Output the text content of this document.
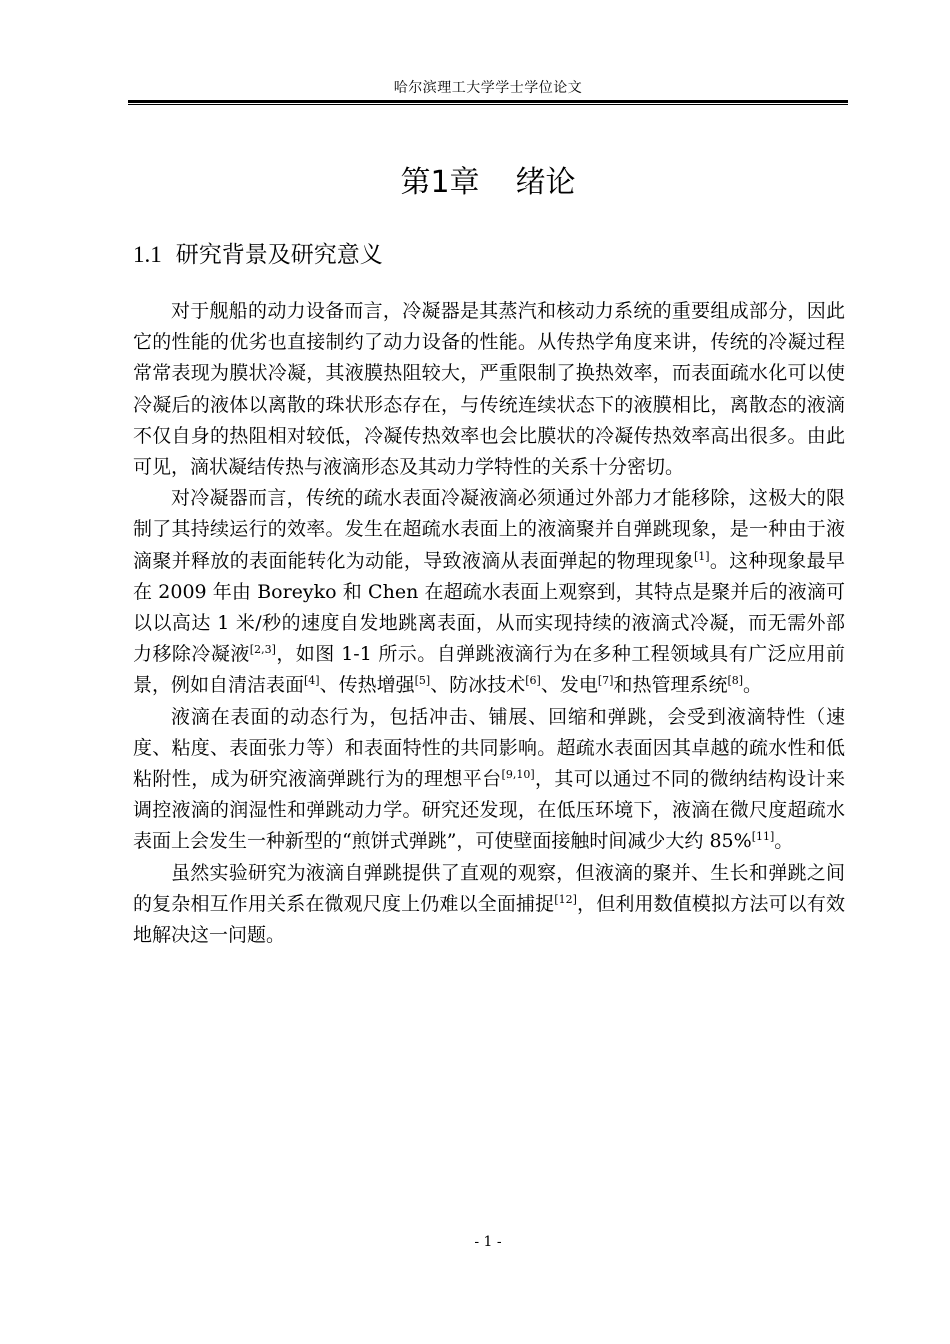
哈尔滨理工大学学士学位论文
第1章 绪论
1.1 研究背景及研究意义

对于舰船的动力设备而言，冷凝器是其蒸汽和核动力系统的重要组成部分，因此它的性能的优劣也直接制约了动力设备的性能。从传热学角度来讲，传统的冷凝过程常常表现为膜状冷凝，其液膜热阻较大，严重限制了换热效率，而表面疏水化可以使冷凝后的液体以离散的珠状形态存在，与传统连续状态下的液膜相比，离散态的液滴不仅自身的热阻相对较低，冷凝传热效率也会比膜状的冷凝传热效率高出很多。由此可见，滴状凝结传热与液滴形态及其动力学特性的关系十分密切。

对冷凝器而言，传统的疏水表面冷凝液滴必须通过外部力才能移除，这极大的限制了其持续运行的效率。发生在超疏水表面上的液滴聚并自弹跳现象，是一种由于液滴聚并释放的表面能转化为动能，导致液滴从表面弹起的物理现象[1]。这种现象最早在 2009 年由 Boreyko 和 Chen 在超疏水表面上观察到，其特点是聚并后的液滴可以以高达 1 米/秒的速度自发地跳离表面，从而实现持续的液滴式冷凝，而无需外部力移除冷凝液[2,3]，如图 1-1 所示。自弹跳液滴行为在多种工程领域具有广泛应用前景，例如自清洁表面[4]、传热增强[5]、防冰技术[6]、发电[7]和热管理系统[8]。

液滴在表面的动态行为，包括冲击、铺展、回缩和弹跳，会受到液滴特性（速度、粘度、表面张力等）和表面特性的共同影响。超疏水表面因其卓越的疏水性和低粘附性，成为研究液滴弹跳行为的理想平台[9,10]，其可以通过不同的微纳结构设计来调控液滴的润湿性和弹跳动力学。研究还发现，在低压环境下，液滴在微尺度超疏水表面上会发生一种新型的“煎饼式弹跳”，可使壁面接触时间减少大约 85%[11]。

虽然实验研究为液滴自弹跳提供了直观的观察，但液滴的聚并、生长和弹跳之间的复杂相互作用关系在微观尺度上仍难以全面捕捉[12]，但利用数值模拟方法可以有效地解决这一问题。

- 1 -
